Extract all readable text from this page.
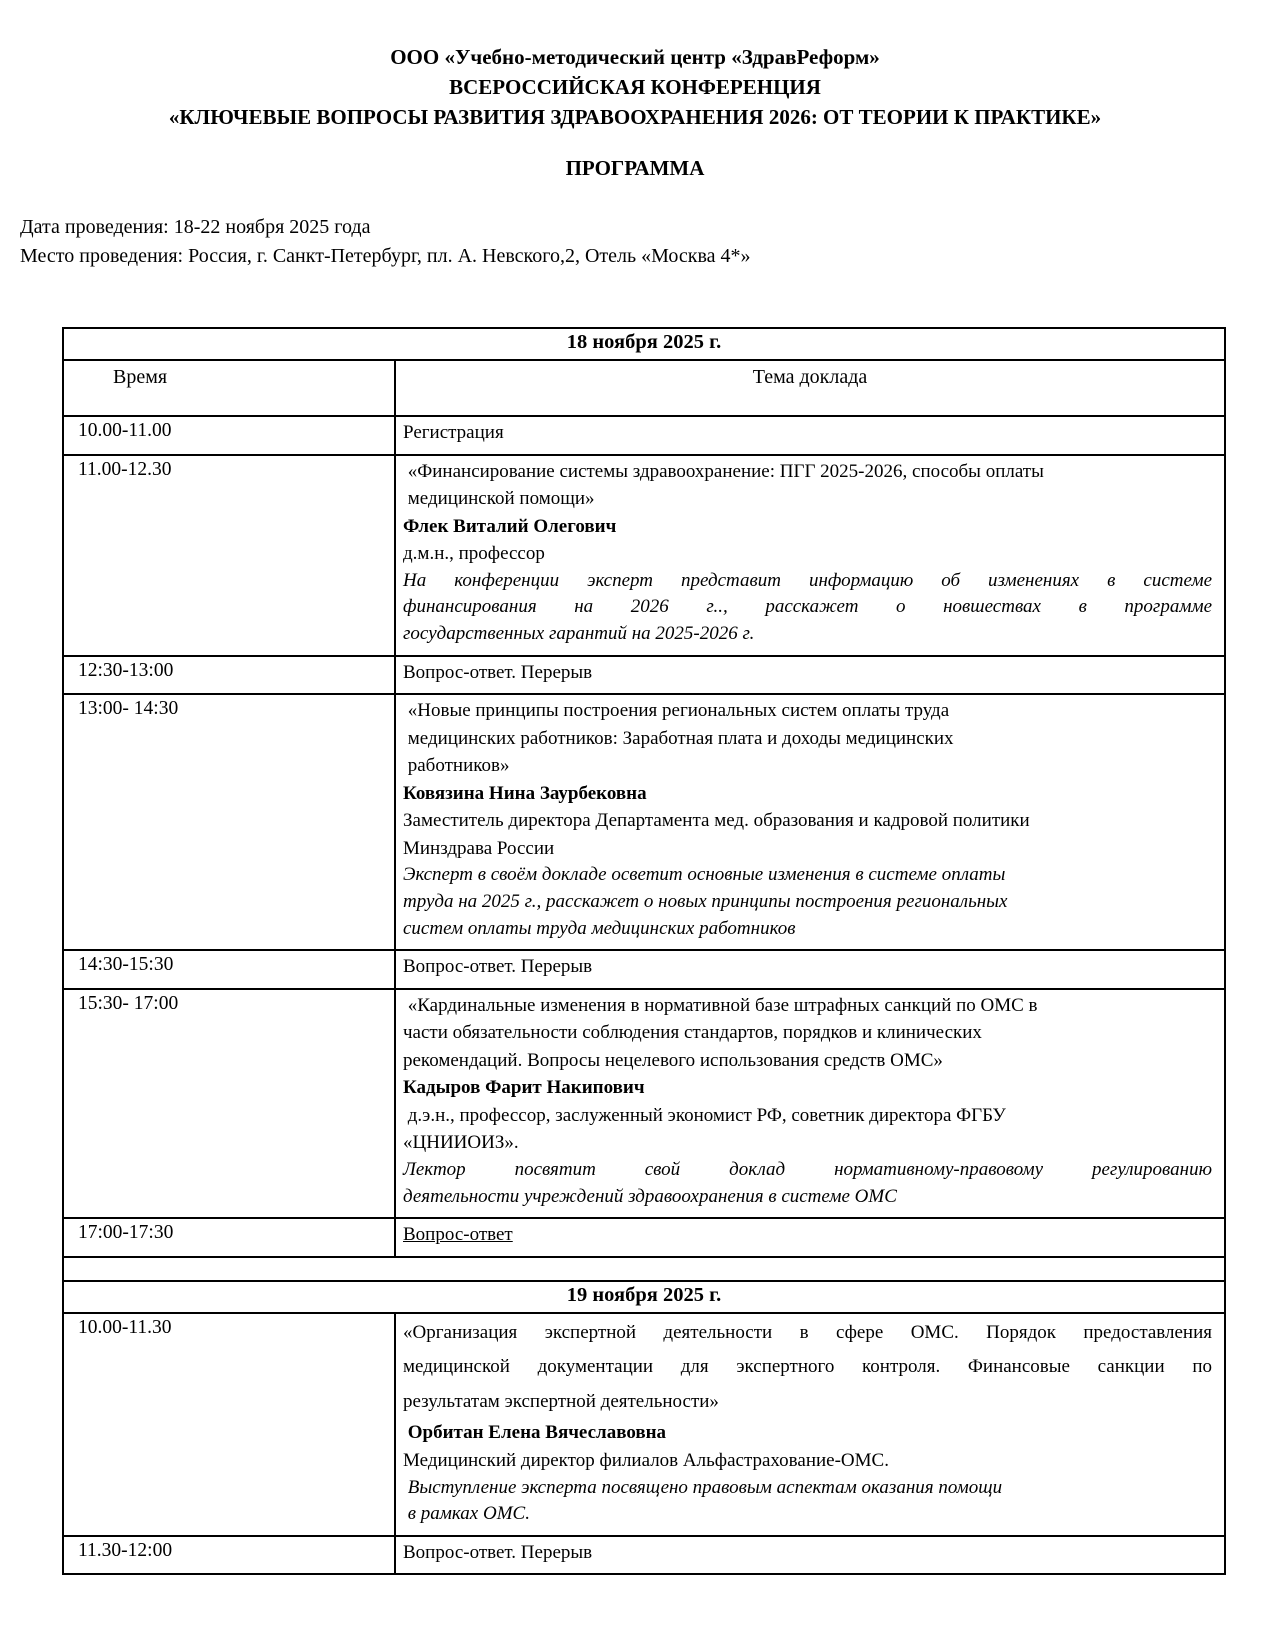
ООО «Учебно-методический центр «ЗдравРеформ»
ВСЕРОССИЙСКАЯ КОНФЕРЕНЦИЯ
«КЛЮЧЕВЫЕ ВОПРОСЫ РАЗВИТИЯ ЗДРАВООХРАНЕНИЯ 2026: ОТ ТЕОРИИ К ПРАКТИКЕ»
ПРОГРАММА
Дата проведения: 18-22 ноября 2025 года
Место проведения: Россия, г. Санкт-Петербург, пл. А. Невского,2, Отель «Москва 4*»
18 ноября 2025 г.	
Время	Тема доклада
10.00-11.00	Регистрация

11.00-12.30	«Финансирование системы здравоохранение: ПГГ 2025-2026, способы оплаты
медицинской помощи»

Флек Виталий Олегович

д.м.н., профессор

На конференции эксперт представит информацию об изменениях в системе
финансирования на 2026 г.., расскажет о новшествах в программе
государственных гарантий на 2025-2026 г.

12:30-13:00	Вопрос-ответ. Перерыв

13:00- 14:30	«Новые принципы построения региональных систем оплаты труда
медицинских работников: Заработная плата и доходы медицинских
работников»

Ковязина Нина Заурбековна

Заместитель директора Департамента мед. образования и кадровой политики
Минздрава России

Эксперт в своём докладе осветит основные изменения в системе оплаты
труда на 2025 г., расскажет о новых принципы построения региональных
систем оплаты труда медицинских работников

14:30-15:30	Вопрос-ответ. Перерыв

15:30- 17:00	«Кардинальные изменения в нормативной базе штрафных санкций по ОМС в
части обязательности соблюдения стандартов, порядков и клинических
рекомендаций. Вопросы нецелевого использования средств ОМС»

Кадыров Фарит Накипович

д.э.н., профессор, заслуженный экономист РФ, советник директора ФГБУ
«ЦНИИОИЗ».

Лектор посвятит свой доклад нормативному-правовому регулированию
деятельности учреждений здравоохранения в системе ОМС

17:00-17:30	Вопрос-ответ

19 ноября 2025 г.	
10.00-11.30	«Организация экспертной деятельности в сфере ОМС. Порядок предоставления
медицинской документации для экспертного контроля. Финансовые санкции по
результатам экспертной деятельности»

Орбитан Елена Вячеславовна

Медицинский директор филиалов Альфастрахование-ОМС.

Выступление эксперта посвящено правовым аспектам оказания помощи
в рамках ОМС.

11.30-12:00	Вопрос-ответ. Перерыв
